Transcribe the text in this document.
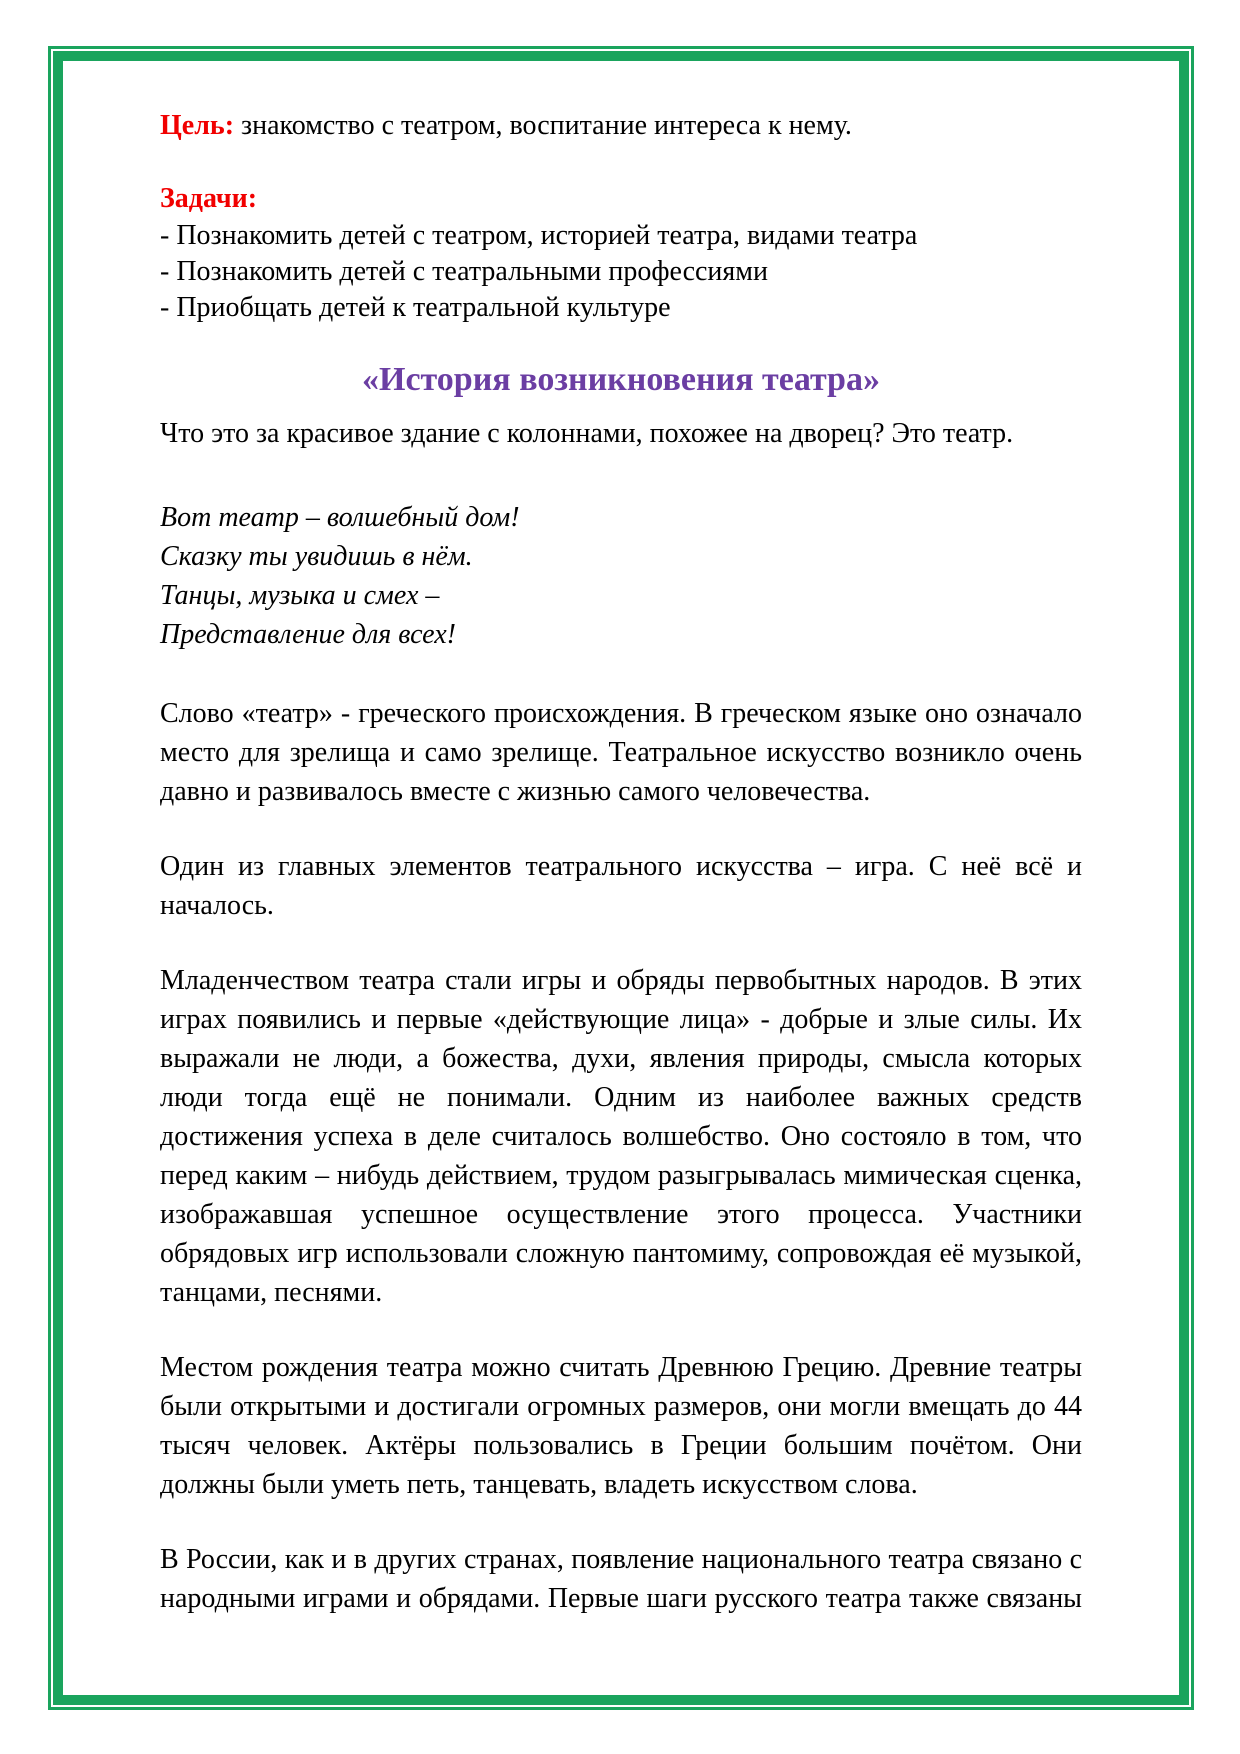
Цель: знакомство с театром, воспитание интереса к нему.

Задачи:

- Познакомить детей с театром, историей театра, видами театра

- Познакомить детей с театральными профессиями

- Приобщать детей к театральной культуре

«История возникновения театра»

Что это за красивое здание с колоннами, похожее на дворец? Это театр.

Вот театр – волшебный дом!

Сказку ты увидишь в нём.

Танцы, музыка и смех –

Представление для всех!

Слово «театр» - греческого происхождения. В греческом языке оно означало место для зрелища и само зрелище. Театральное искусство возникло очень давно и развивалось вместе с жизнью самого человечества.

Один из главных элементов театрального искусства – игра. С неё всё и началось.

Младенчеством театра стали игры и обряды первобытных народов. В этих играх появились и первые «действующие лица» - добрые и злые силы. Их выражали не люди, а божества, духи, явления природы, смысла которых люди тогда ещё не понимали. Одним из наиболее важных средств достижения успеха в деле считалось волшебство. Оно состояло в том, что перед каким – нибудь действием, трудом разыгрывалась мимическая сценка, изображавшая успешное осуществление этого процесса. Участники обрядовых игр использовали сложную пантомиму, сопровождая её музыкой, танцами, песнями.

Местом рождения театра можно считать Древнюю Грецию. Древние театры были открытыми и достигали огромных размеров, они могли вмещать до 44 тысяч человек. Актёры пользовались в Греции большим почётом. Они должны были уметь петь, танцевать, владеть искусством слова.

В России, как и в других странах, появление национального театра связано с народными играми и обрядами. Первые шаги русского театра также связаны
